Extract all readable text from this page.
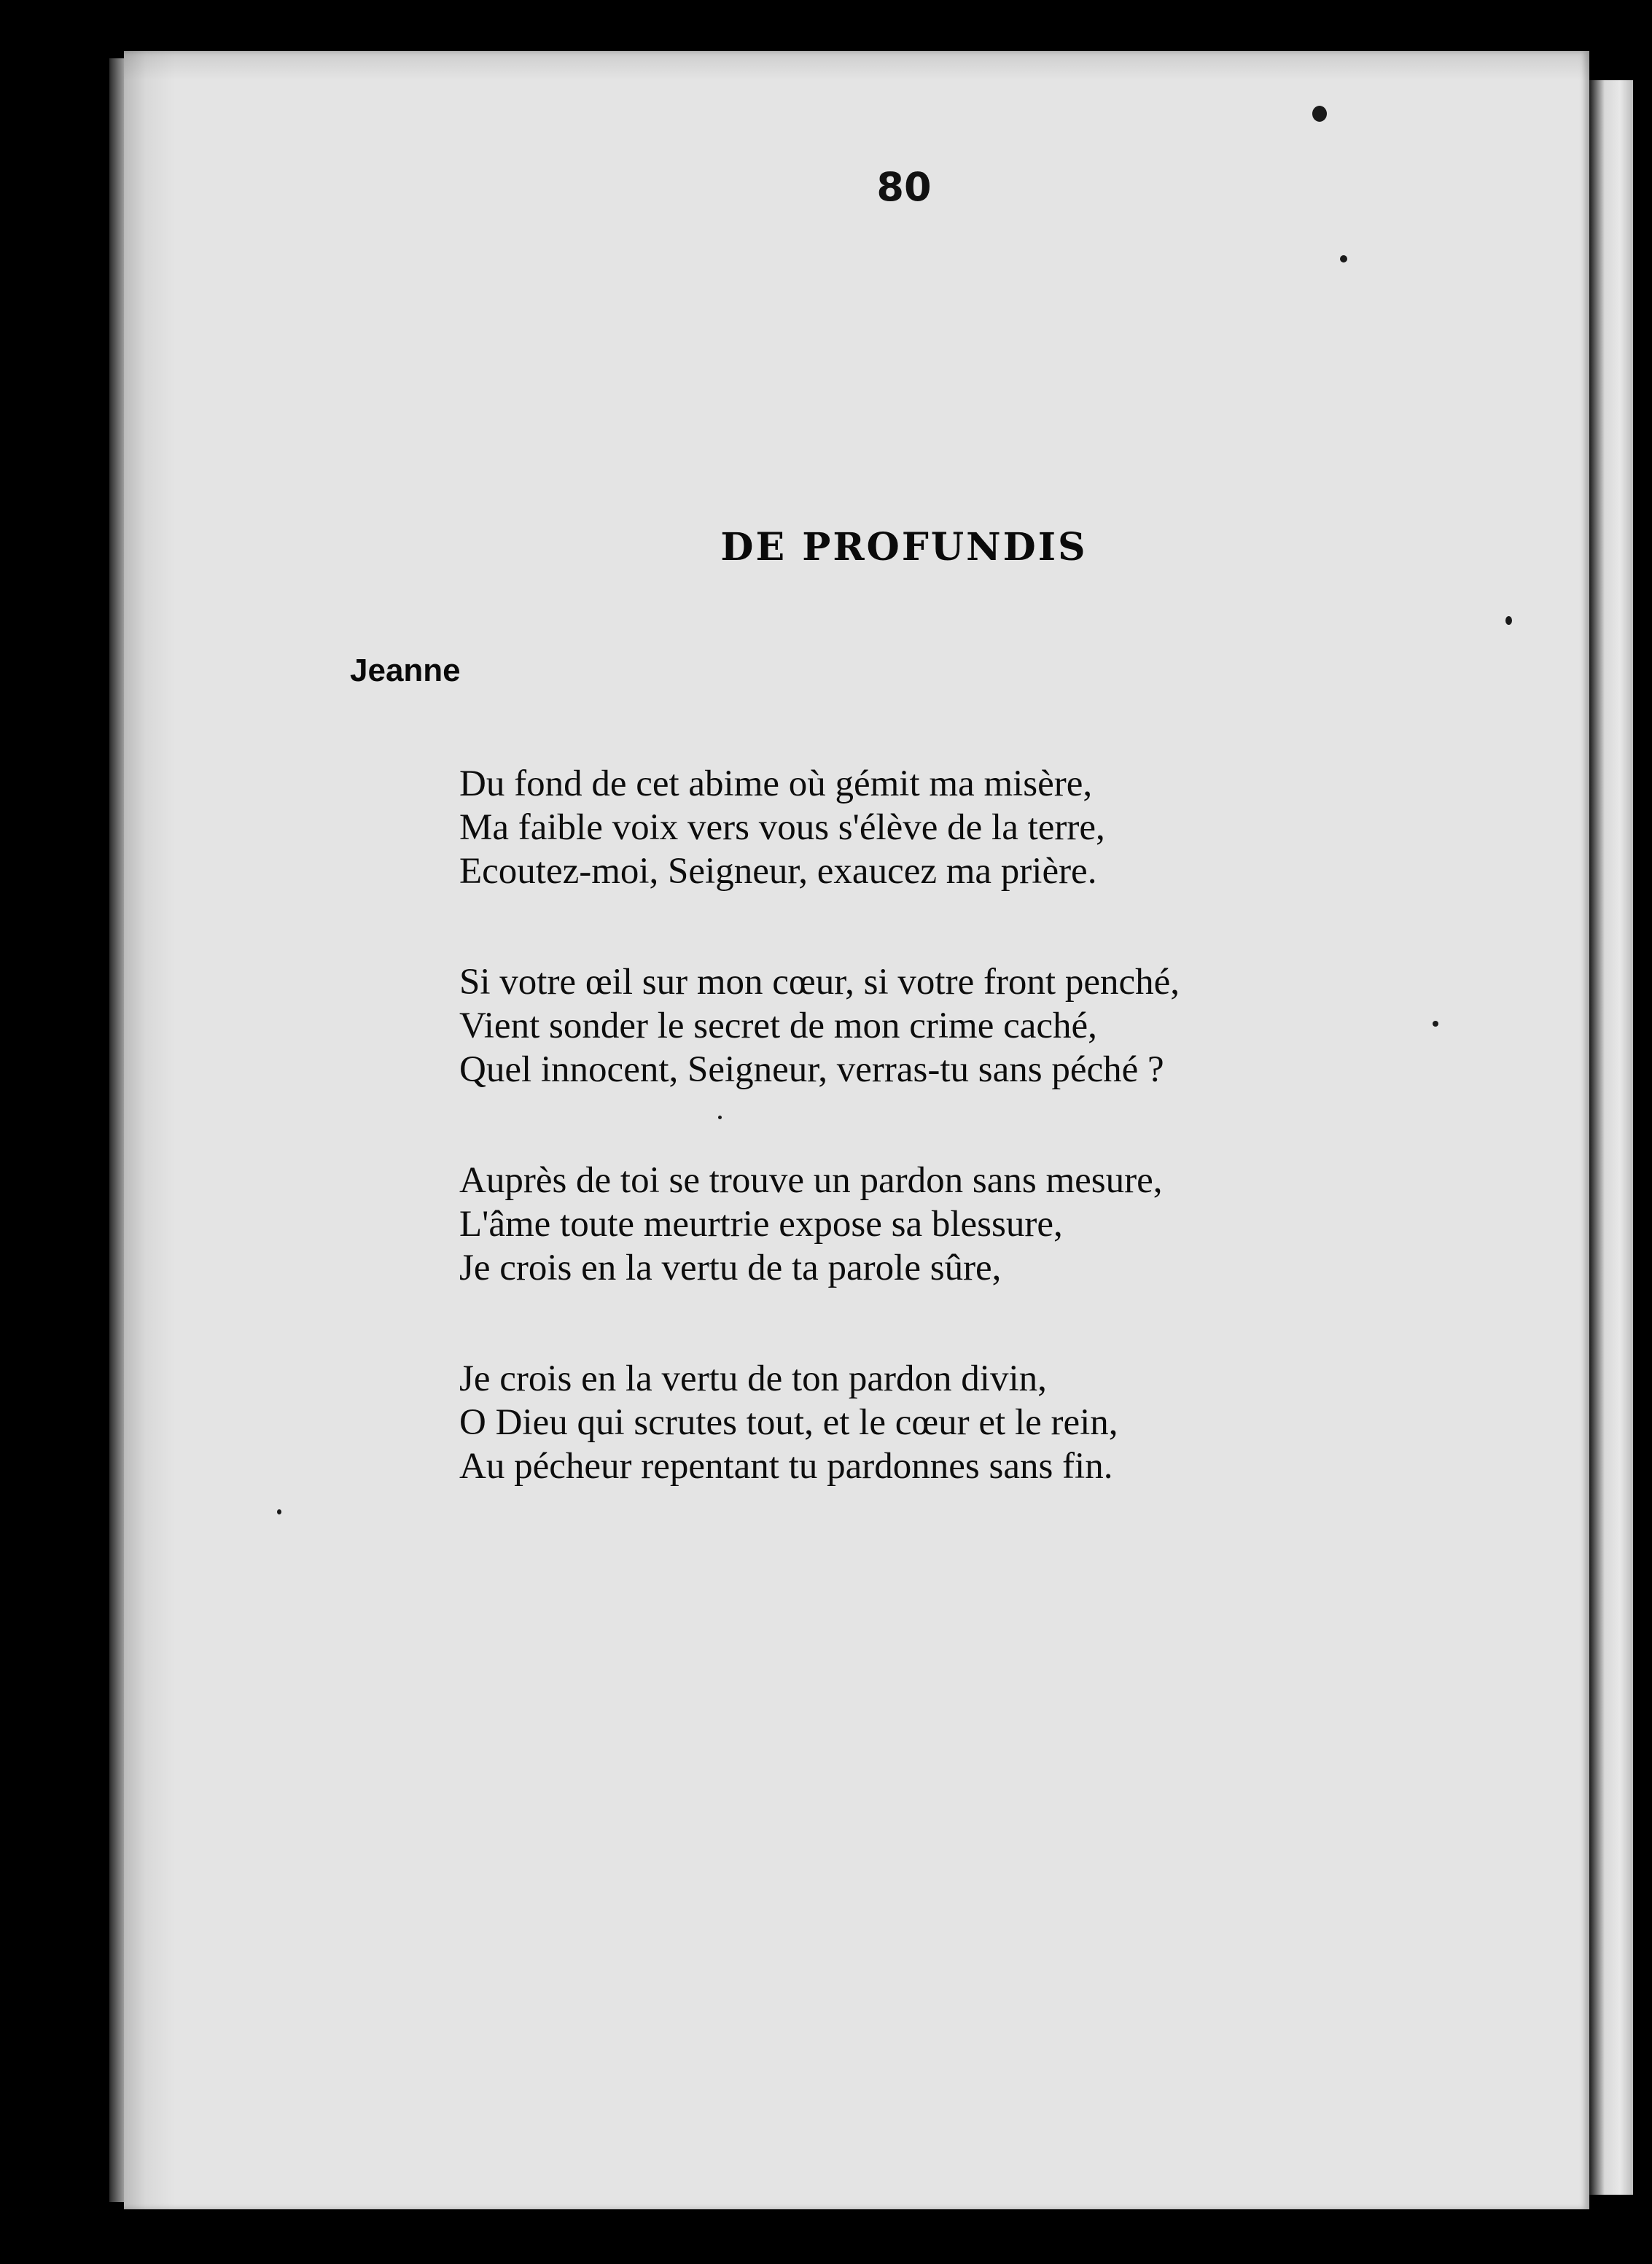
80
DE PROFUNDIS
Jeanne
Du fond de cet abime où gémit ma misère,
Ma faible voix vers vous s'élève de la terre,
Ecoutez-moi, Seigneur, exaucez ma prière.
Si votre œil sur mon cœur, si votre front penché,
Vient sonder le secret de mon crime caché,
Quel innocent, Seigneur, verras-tu sans péché ?
Auprès de toi se trouve un pardon sans mesure,
L'âme toute meurtrie expose sa blessure,
Je crois en la vertu de ta parole sûre,
Je crois en la vertu de ton pardon divin,
O Dieu qui scrutes tout, et le cœur et le rein,
Au pécheur repentant tu pardonnes sans fin.
